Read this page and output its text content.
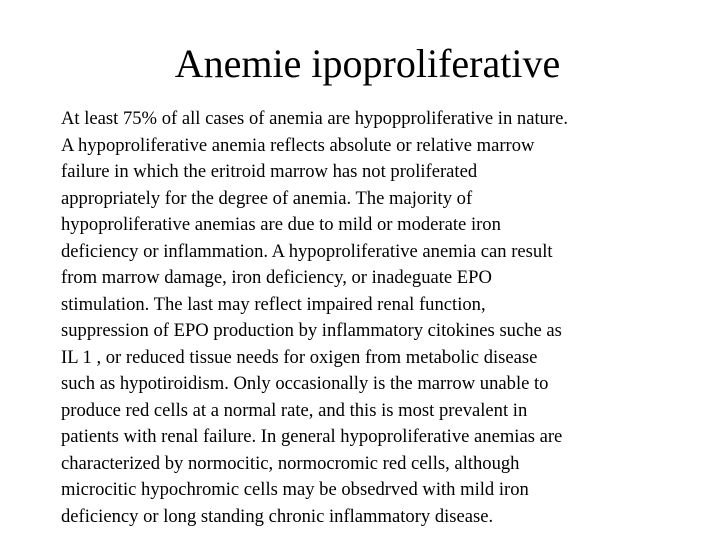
Anemie ipoproliferative
At least 75% of all cases of anemia are hypopproliferative in nature.
A hypoproliferative anemia reflects absolute or relative marrow
failure in which the eritroid marrow has not proliferated
appropriately for the degree of anemia. The majority of
hypoproliferative anemias are due to mild or moderate iron
deficiency or inflammation. A hypoproliferative anemia can result
from marrow damage, iron deficiency, or inadeguate EPO
stimulation. The last may reflect impaired renal function,
suppression of EPO production by inflammatory citokines suche as
IL 1 , or reduced tissue needs for oxigen from metabolic disease
such as hypotiroidism. Only occasionally is the marrow unable to
produce red cells at a normal rate, and this is most prevalent in
patients with renal failure. In general hypoproliferative anemias are
characterized by normocitic, normocromic red cells, although
microcitic hypochromic cells may be obsedrved with mild iron
deficiency or long standing chronic inflammatory disease.
